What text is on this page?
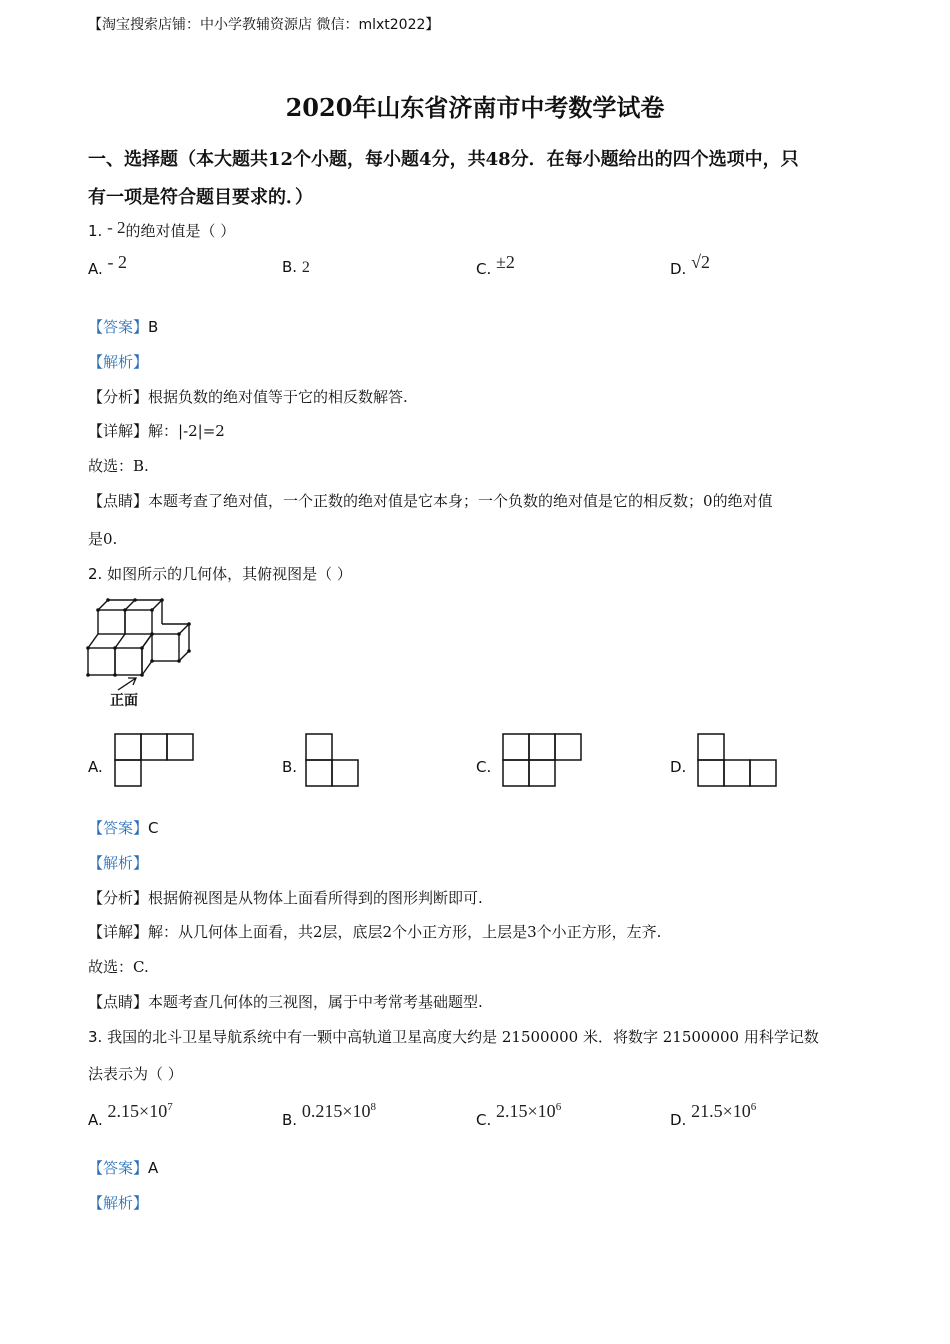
【淘宝搜索店铺：中小学教辅资源店 微信：mlxt2022】
2020年山东省济南市中考数学试卷
一、选择题（本大题共12个小题，每小题4分，共48分．在每小题给出的四个选项中，只
有一项是符合题目要求的．）
1. - 2的绝对值是（ ）
A. - 2	B. 2	C. ±2	D. √2
【答案】B
【解析】
【分析】根据负数的绝对值等于它的相反数解答.
【详解】解：|-2|=2
故选：B.
【点睛】本题考查了绝对值，一个正数的绝对值是它本身；一个负数的绝对值是它的相反数；0的绝对值
是0.
2. 如图所示的几何体，其俯视图是（ ）
正面
A.	B.	C.	D.
【答案】C
【解析】
【分析】根据俯视图是从物体上面看所得到的图形判断即可.
【详解】解：从几何体上面看，共2层，底层2个小正方形，上层是3个小正方形，左齐.
故选：C.
【点睛】本题考查几何体的三视图，属于中考常考基础题型.
3. 我国的北斗卫星导航系统中有一颗中高轨道卫星高度大约是 21500000 米．将数字 21500000 用科学记数
法表示为（ ）
A. $2.15\times 10^7$
B. $0.215\times 10^8$
C. $2.15\times 10^6$
D. $21.5\times 10^6$
【答案】A
【解析】
